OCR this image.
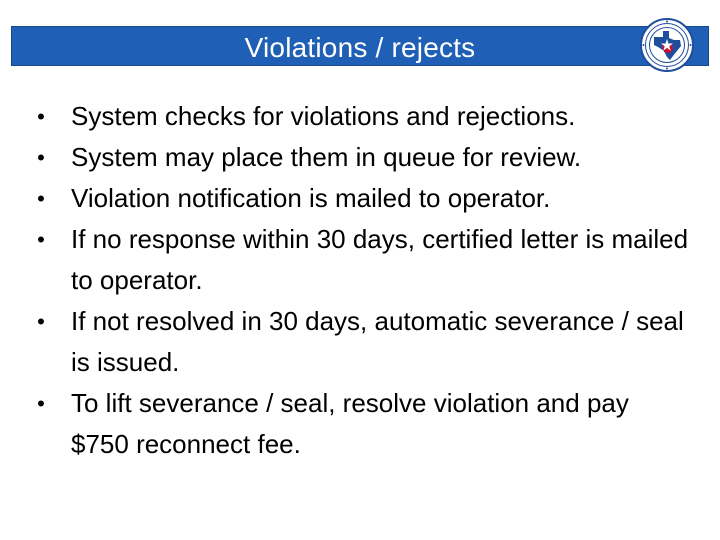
Violations / rejects
• System checks for violations and rejections.
• System may place them in queue for review.
• Violation notification is mailed to operator.
• If no response within 30 days, certified letter is mailed to operator.
• If not resolved in 30 days, automatic severance / seal is issued.
• To lift severance / seal, resolve violation and pay $750 reconnect fee.
